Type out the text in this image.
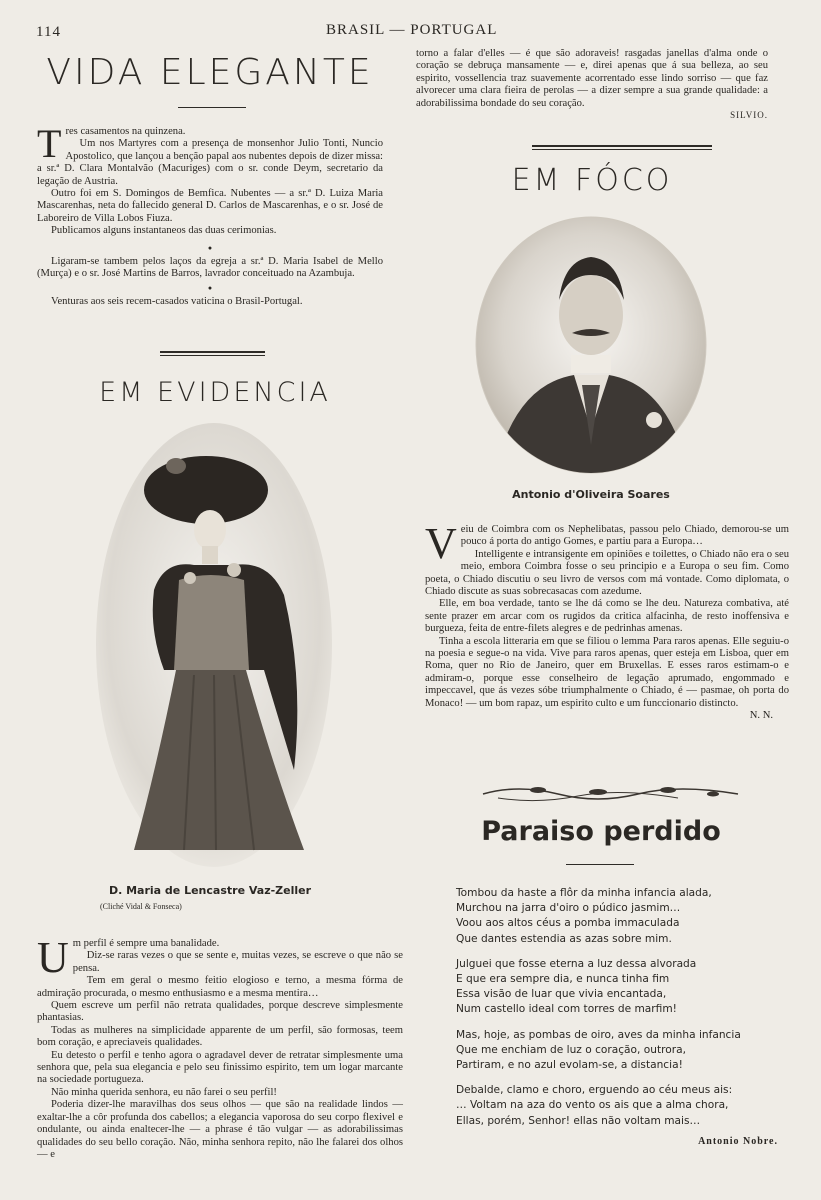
114	BRASIL — PORTUGAL
VIDA ELEGANTE
T res casamentos na quinzena.

Um nos Martyres com a presença de monsenhor Julio Tonti, Nuncio Apostolico, que lançou a benção papal aos nubentes depois de dizer missa: a sr.ª D. Clara Montalvão (Macuriges) com o sr. conde Deym, secretario da legação de Austria.

Outro foi em S. Domingos de Bemfica. Nubentes — a sr.ª D. Luiza Maria Mascarenhas, neta do fallecido general D. Carlos de Mascarenhas, e o sr. José de Laboreiro de Villa Lobos Fiuza.

Publicamos alguns instantaneos das duas cerimonias.

●

Ligaram-se tambem pelos laços da egreja a sr.ª D. Maria Isabel de Mello (Murça) e o sr. José Martins de Barros, lavrador conceituado na Azambuja.

●

Venturas aos seis recem-casados vaticina o Brasil-Portugal.

EM EVIDENCIA
D. Maria de Lencastre Vaz-Zeller
(Cliché Vidal & Fonseca)
U m perfil é sempre uma banalidade.

Diz-se raras vezes o que se sente e, muitas vezes, se escreve o que não se pensa.

Tem em geral o mesmo feitio elogioso e terno, a mesma fórma de admiração procurada, o mesmo enthusiasmo e a mesma mentira…

Quem escreve um perfil não retrata qualidades, porque descreve simplesmente phantasias.

Todas as mulheres na simplicidade apparente de um perfil, são formosas, teem bom coração, e apreciaveis qualidades.

Eu detesto o perfil e tenho agora o agradavel dever de retratar simplesmente uma senhora que, pela sua elegancia e pelo seu finissimo espirito, tem um logar marcante na sociedade portugueza.

Não minha querida senhora, eu não farei o seu perfil!

Poderia dizer-lhe maravilhas dos seus olhos — que são na realidade lindos — exaltar-lhe a côr profunda dos cabellos; a elegancia vaporosa do seu corpo flexivel e ondulante, ou ainda enaltecer-lhe — a phrase é tão vulgar — as adorabilissimas qualidades do seu bello coração. Não, minha senhora repito, não lhe falarei dos olhos — e

torno a falar d'elles — é que são adoraveis! rasgadas janellas d'alma onde o coração se debruça mansamente — e, direi apenas que á sua belleza, ao seu espirito, vossellencia traz suavemente acorrentado esse lindo sorriso — que faz alvorecer uma clara fieira de perolas — a dizer sempre a sua grande qualidade: a adorabilissima bondade do seu coração.

SILVIO.
EM FÓCO
Antonio d'Oliveira Soares
V eiu de Coimbra com os Nephelibatas, passou pelo Chiado, demorou-se um pouco á porta do antigo Gomes, e partiu para a Europa…

Intelligente e intransigente em opiniões e toilettes, o Chiado não era o seu meio, embora Coimbra fosse o seu principio e a Europa o seu fim. Como poeta, o Chiado discutiu o seu livro de versos com má vontade. Como diplomata, o Chiado discute as suas sobrecasacas com azedume.

Elle, em boa verdade, tanto se lhe dá como se lhe deu. Natureza combativa, até sente prazer em arcar com os rugidos da critica alfacinha, de resto inoffensiva e burgueza, feita de entre-filets alegres e de pedrinhas amenas.

Tinha a escola litteraria em que se filiou o lemma Para raros apenas. Elle seguiu-o na poesia e segue-o na vida. Vive para raros apenas, quer esteja em Lisboa, quer em Roma, quer no Rio de Janeiro, quer em Bruxellas. E esses raros estimam-o e admiram-o, porque esse conselheiro de legação aprumado, engommado e impeccavel, que ás vezes sóbe triumphalmente o Chiado, é — pasmae, oh porta do Monaco! — um bom rapaz, um espirito culto e um funccionario distincto.

N. N.
Paraiso perdido

Tombou da haste a flôr da minha infancia alada,

Murchou na jarra d'oiro o púdico jasmim…

Voou aos altos céus a pomba immaculada

Que dantes estendia as azas sobre mim.

Julguei que fosse eterna a luz dessa alvorada

E que era sempre dia, e nunca tinha fim

Essa visão de luar que vivia encantada,

Num castello ideal com torres de marfim!

Mas, hoje, as pombas de oiro, aves da minha infancia

Que me enchiam de luz o coração, outrora,

Partiram, e no azul evolam-se, a distancia!

Debalde, clamo e choro, erguendo ao céu meus ais:

… Voltam na aza do vento os ais que a alma chora,

Ellas, porém, Senhor! ellas não voltam mais…

Antonio Nobre.
